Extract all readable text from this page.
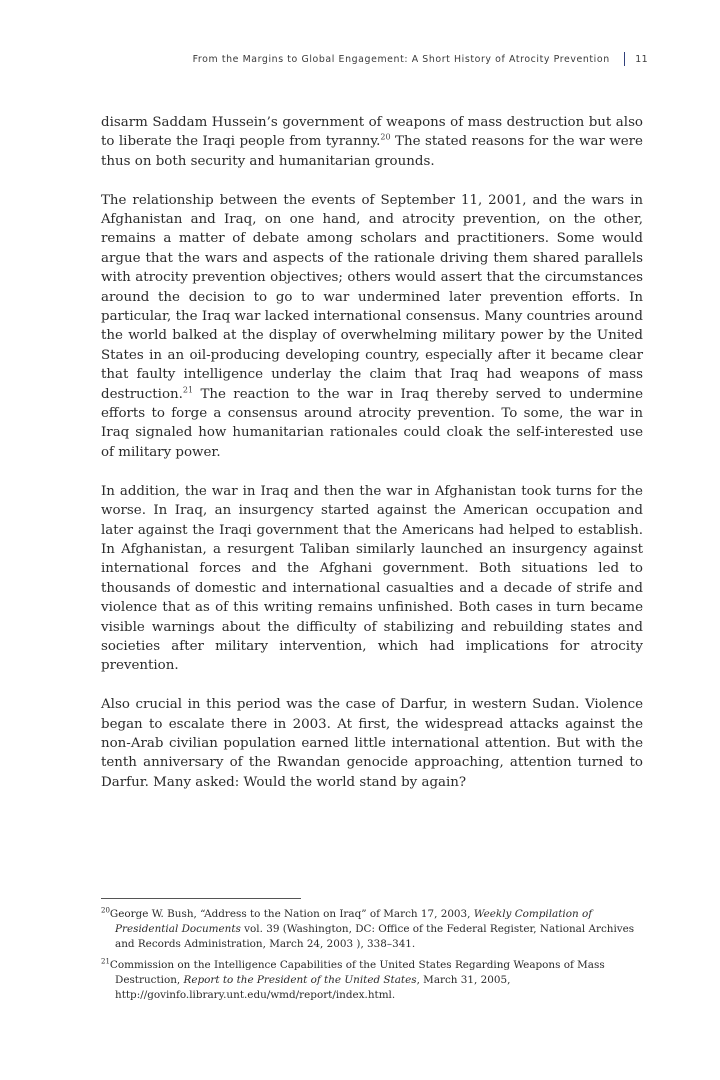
From the Margins to Global Engagement: A Short History of Atrocity Prevention	11

disarm Saddam Hussein’s government of weapons of mass destruction but also to liberate the Iraqi people from tyranny.$^{20}$ The stated reasons for the war were thus on both security and humanitarian grounds.

The relationship between the events of September 11, 2001, and the wars in Afghanistan and Iraq, on one hand, and atrocity prevention, on the other, remains a matter of debate among scholars and practitioners. Some would argue that the wars and aspects of the rationale driving them shared parallels with atrocity prevention objectives; others would assert that the circumstances around the decision to go to war undermined later prevention efforts. In particular, the Iraq war lacked international consensus. Many countries around the world balked at the display of overwhelming military power by the United States in an oil-producing developing country, especially after it became clear that faulty intelligence underlay the claim that Iraq had weapons of mass destruction.$^{21}$ The reaction to the war in Iraq thereby served to undermine efforts to forge a consensus around atrocity prevention. To some, the war in Iraq signaled how humanitarian rationales could cloak the self-interested use of military power.

In addition, the war in Iraq and then the war in Afghanistan took turns for the worse. In Iraq, an insurgency started against the American occupation and later against the Iraqi government that the Americans had helped to establish. In Afghanistan, a resurgent Taliban similarly launched an insurgency against international forces and the Afghani government. Both situations led to thousands of domestic and international casualties and a decade of strife and violence that as of this writing remains unfinished. Both cases in turn became visible warnings about the difficulty of stabilizing and rebuilding states and societies after military intervention, which had implications for atrocity prevention.

Also crucial in this period was the case of Darfur, in western Sudan. Violence began to escalate there in 2003. At first, the widespread attacks against the non-Arab civilian population earned little international attention. But with the tenth anniversary of the Rwandan genocide approaching, attention turned to Darfur. Many asked: Would the world stand by again?

$^{20}$George W. Bush, “Address to the Nation on Iraq” of March 17, 2003, Weekly Compilation of Presidential Documents vol. 39 (Washington, DC: Office of the Federal Register, National Archives and Records Administration, March 24, 2003 ), 338–341.
$^{21}$Commission on the Intelligence Capabilities of the United States Regarding Weapons of Mass Destruction, Report to the President of the United States, March 31, 2005, http://govinfo.library.unt.edu/wmd/report/index.html.
